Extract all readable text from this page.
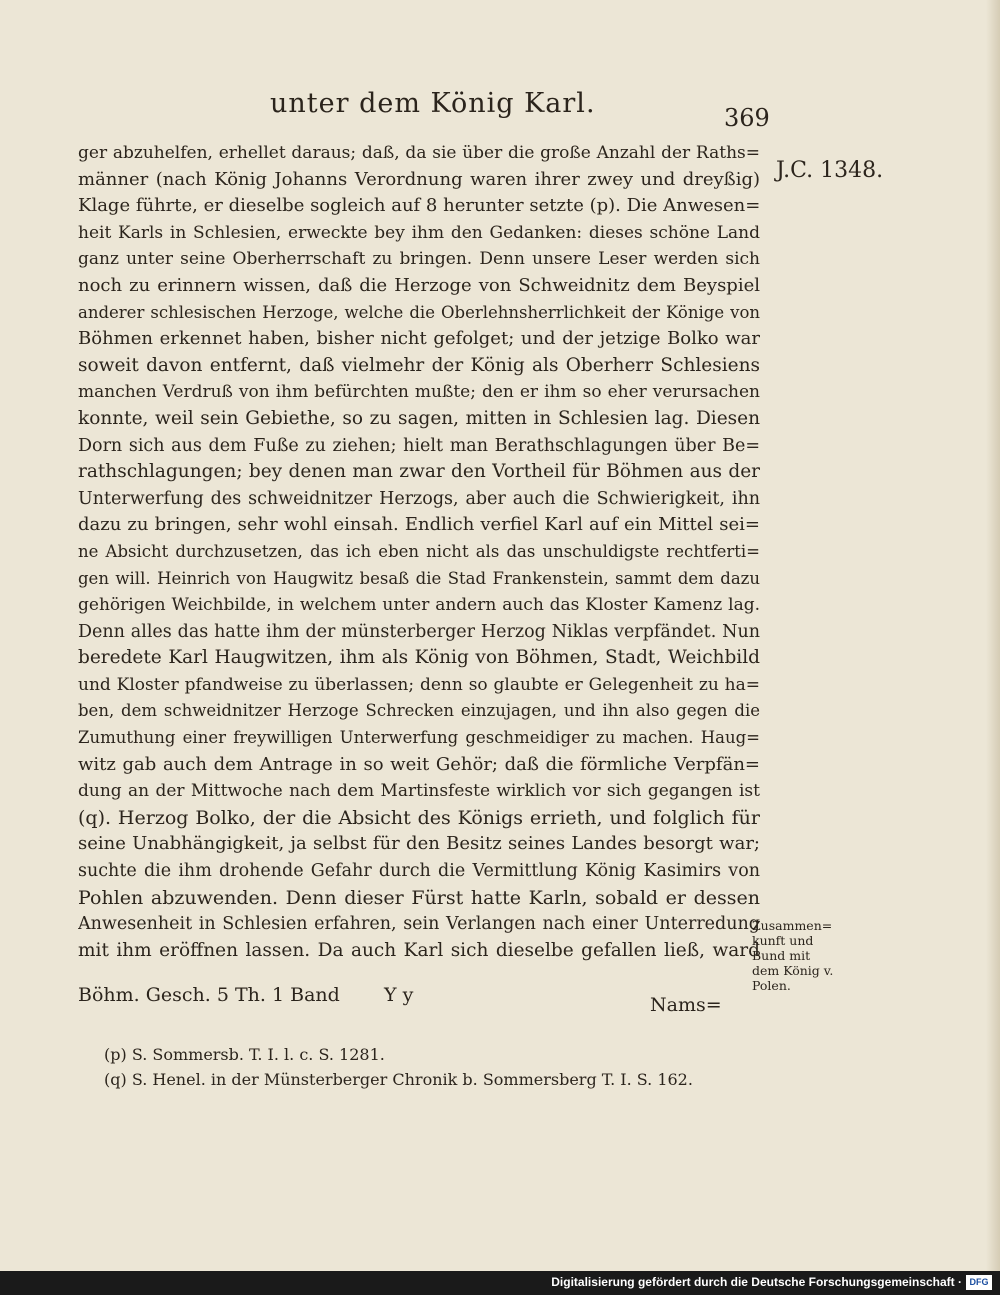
unter dem König Karl.	369
J.C. 1348.
ger abzuhelfen, erhellet daraus; daß, da sie über die große Anzahl der Raths=
männer (nach König Johanns Verordnung waren ihrer zwey und dreyßig)
Klage führte, er dieselbe sogleich auf 8 herunter setzte (p). Die Anwesen=
heit Karls in Schlesien, erweckte bey ihm den Gedanken: dieses schöne Land
ganz unter seine Oberherrschaft zu bringen. Denn unsere Leser werden sich
noch zu erinnern wissen, daß die Herzoge von Schweidnitz dem Beyspiel
anderer schlesischen Herzoge, welche die Oberlehnsherrlichkeit der Könige von
Böhmen erkennet haben, bisher nicht gefolget; und der jetzige Bolko war
soweit davon entfernt, daß vielmehr der König als Oberherr Schlesiens
manchen Verdruß von ihm befürchten mußte; den er ihm so eher verursachen
konnte, weil sein Gebiethe, so zu sagen, mitten in Schlesien lag. Diesen
Dorn sich aus dem Fuße zu ziehen; hielt man Berathschlagungen über Be=
rathschlagungen; bey denen man zwar den Vortheil für Böhmen aus der
Unterwerfung des schweidnitzer Herzogs, aber auch die Schwierigkeit, ihn
dazu zu bringen, sehr wohl einsah. Endlich verfiel Karl auf ein Mittel sei=
ne Absicht durchzusetzen, das ich eben nicht als das unschuldigste rechtferti=
gen will. Heinrich von Haugwitz besaß die Stad Frankenstein, sammt dem dazu
gehörigen Weichbilde, in welchem unter andern auch das Kloster Kamenz lag.
Denn alles das hatte ihm der münsterberger Herzog Niklas verpfändet. Nun
beredete Karl Haugwitzen, ihm als König von Böhmen, Stadt, Weichbild
und Kloster pfandweise zu überlassen; denn so glaubte er Gelegenheit zu ha=
ben, dem schweidnitzer Herzoge Schrecken einzujagen, und ihn also gegen die
Zumuthung einer freywilligen Unterwerfung geschmeidiger zu machen. Haug=
witz gab auch dem Antrage in so weit Gehör; daß die förmliche Verpfän=
dung an der Mittwoche nach dem Martinsfeste wirklich vor sich gegangen ist
(q). Herzog Bolko, der die Absicht des Königs errieth, und folglich für
seine Unabhängigkeit, ja selbst für den Besitz seines Landes besorgt war;
suchte die ihm drohende Gefahr durch die Vermittlung König Kasimirs von
Pohlen abzuwenden. Denn dieser Fürst hatte Karln, sobald er dessen
Anwesenheit in Schlesien erfahren, sein Verlangen nach einer Unterredung
mit ihm eröffnen lassen. Da auch Karl sich dieselbe gefallen ließ, ward
Zusammen=
kunft und
Bund mit
dem König v.
Polen.
Böhm. Gesch. 5 Th. 1 Band Y y	Nams=
(p) S. Sommersb. T. I. l. c. S. 1281.
(q) S. Henel. in der Münsterberger Chronik b. Sommersberg T. I. S. 162.
Digitalisierung gefördert durch die Deutsche Forschungsgemeinschaft · DFG
